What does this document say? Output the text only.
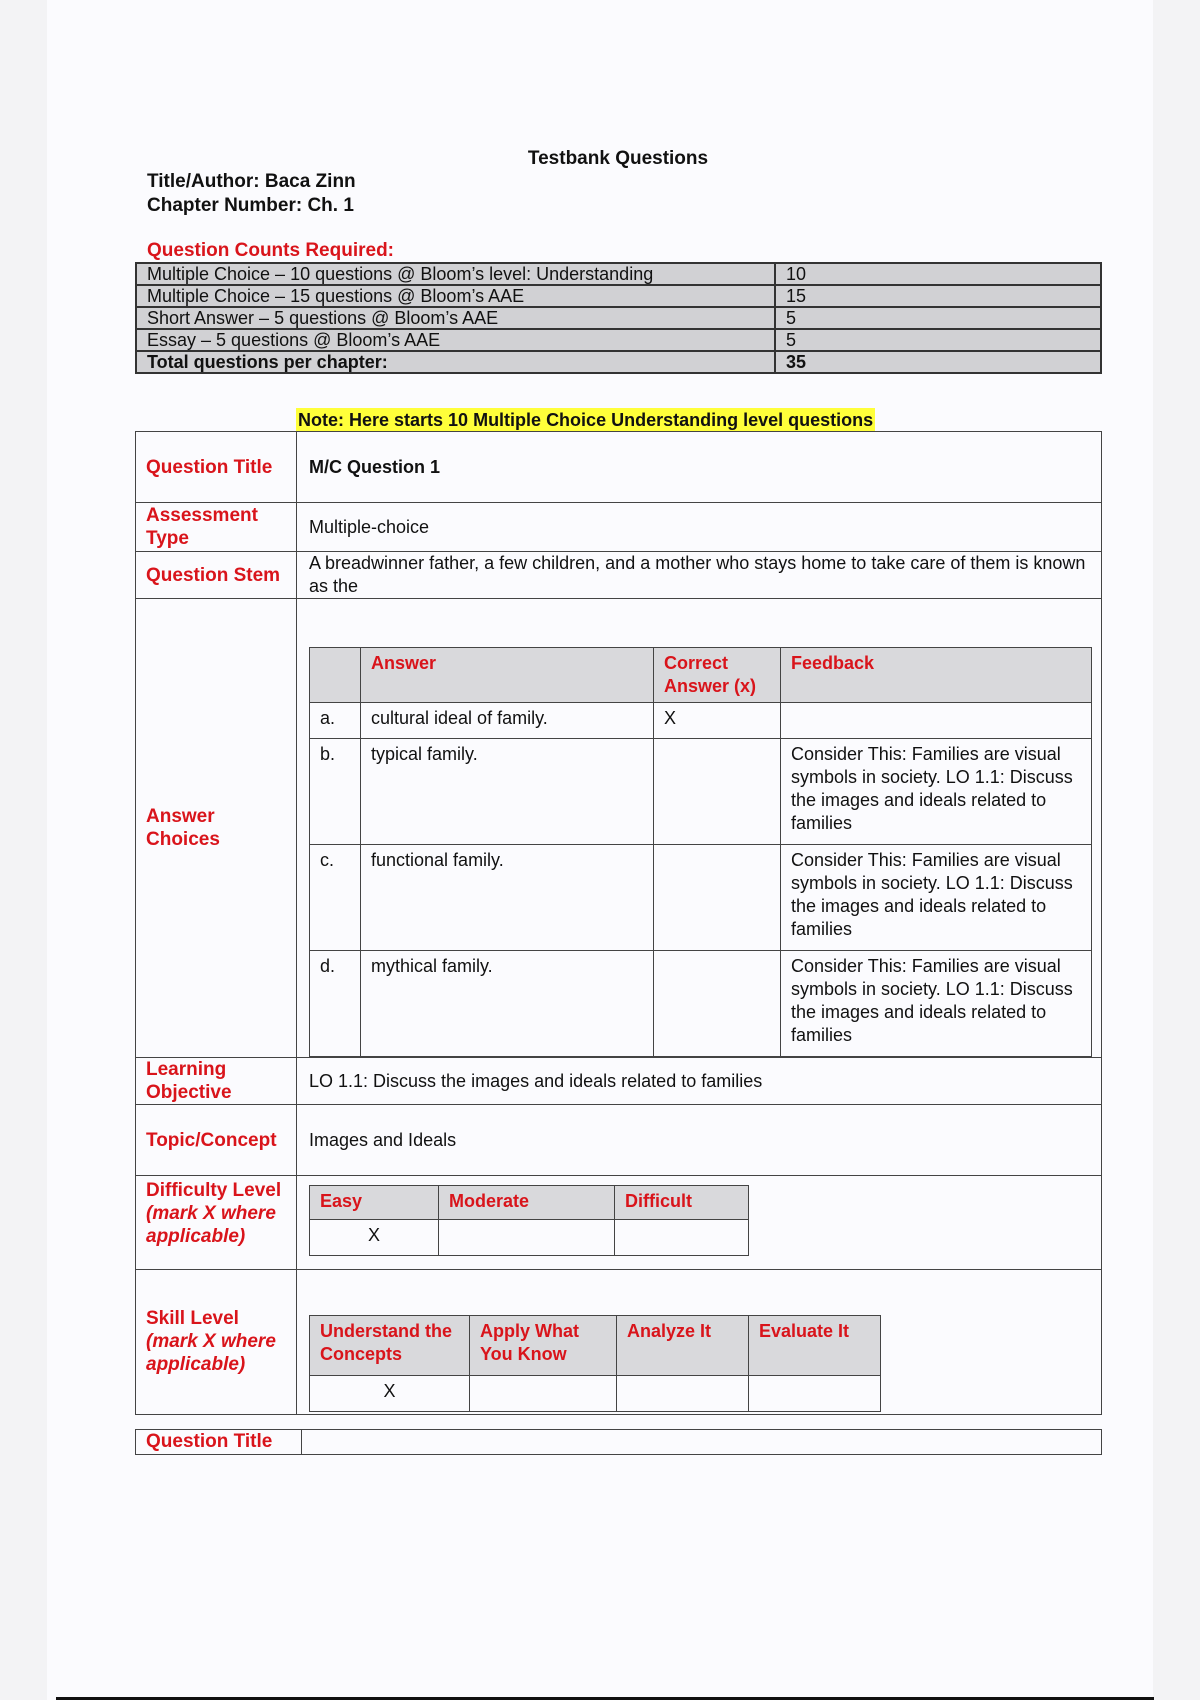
Testbank Questions
Title/Author: Baca Zinn
Chapter Number: Ch. 1
Question Counts Required:
Multiple Choice – 10 questions @ Bloom’s level: Understanding	10
Multiple Choice – 15 questions @ Bloom’s AAE	15
Short Answer – 5 questions @ Bloom’s AAE	5
Essay – 5 questions @ Bloom’s AAE	5
Total questions per chapter:	35
Note: Here starts 10 Multiple Choice Understanding level questions
Question Title	M/C Question 1
Assessment Type	Multiple-choice
Question Stem	A breadwinner father, a few children, and a mother who stays home to take care of them is known as the
Answer Choices	
	Answer	Correct Answer (x)	Feedback
a.	cultural ideal of family.	X	
b.	typical family.		Consider This: Families are visual symbols in society. LO 1.1: Discuss the images and ideals related to families
c.	functional family.		Consider This: Families are visual symbols in society. LO 1.1: Discuss the images and ideals related to families
d.	mythical family.		Consider This: Families are visual symbols in society. LO 1.1: Discuss the images and ideals related to families

Learning Objective	LO 1.1: Discuss the images and ideals related to families
Topic/Concept	Images and Ideals

Difficulty Level
(mark X where applicable)

Easy	Moderate	Difficult
X		

Skill Level
(mark X where applicable)

Understand the Concepts	Apply What You Know	Analyze It	Evaluate It
X			
Question Title	
